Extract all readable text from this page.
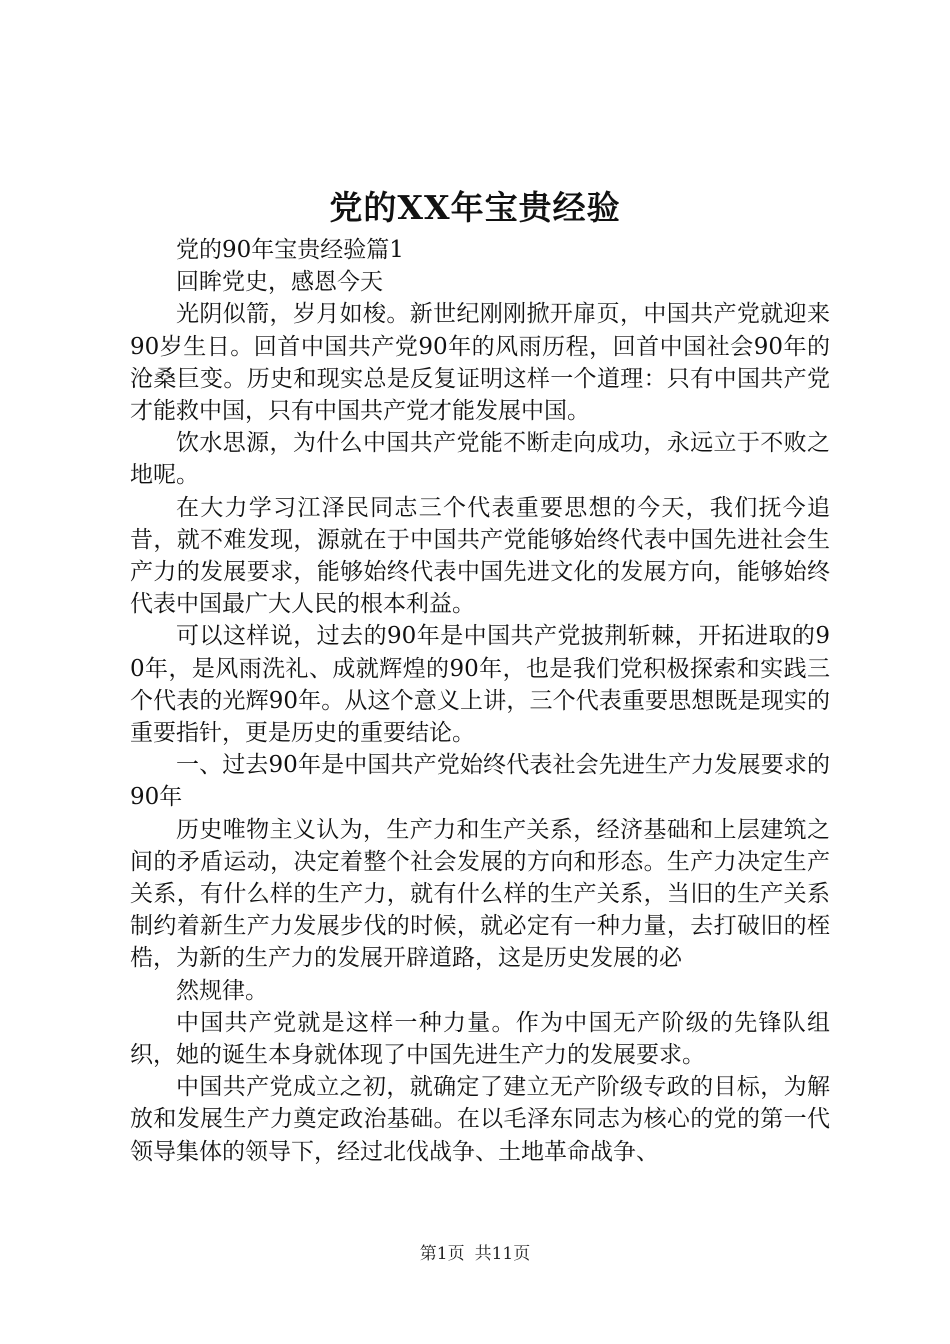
党的XX年宝贵经验

党的90年宝贵经验篇1

回眸党史，感恩今天

光阴似箭，岁月如梭。新世纪刚刚掀开扉页，中国共产党就迎来90岁生日。回首中国共产党90年的风雨历程，回首中国社会90年的沧桑巨变。历史和现实总是反复证明这样一个道理：只有中国共产党才能救中国，只有中国共产党才能发展中国。

饮水思源，为什么中国共产党能不断走向成功，永远立于不败之地呢。

在大力学习江泽民同志三个代表重要思想的今天，我们抚今追昔，就不难发现，源就在于中国共产党能够始终代表中国先进社会生产力的发展要求，能够始终代表中国先进文化的发展方向，能够始终代表中国最广大人民的根本利益。

可以这样说，过去的90年是中国共产党披荆斩棘，开拓进取的90年，是风雨洗礼、成就辉煌的90年，也是我们党积极探索和实践三个代表的光辉90年。从这个意义上讲，三个代表重要思想既是现实的重要指针，更是历史的重要结论。

一、过去90年是中国共产党始终代表社会先进生产力发展要求的90年

历史唯物主义认为，生产力和生产关系，经济基础和上层建筑之间的矛盾运动，决定着整个社会发展的方向和形态。生产力决定生产关系，有什么样的生产力，就有什么样的生产关系，当旧的生产关系制约着新生产力发展步伐的时候，就必定有一种力量，去打破旧的桎梏，为新的生产力的发展开辟道路，这是历史发展的必

然规律。

中国共产党就是这样一种力量。作为中国无产阶级的先锋队组织，她的诞生本身就体现了中国先进生产力的发展要求。

中国共产党成立之初，就确定了建立无产阶级专政的目标，为解放和发展生产力奠定政治基础。在以毛泽东同志为核心的党的第一代领导集体的领导下，经过北伐战争、土地革命战争、

第1页 共11页
